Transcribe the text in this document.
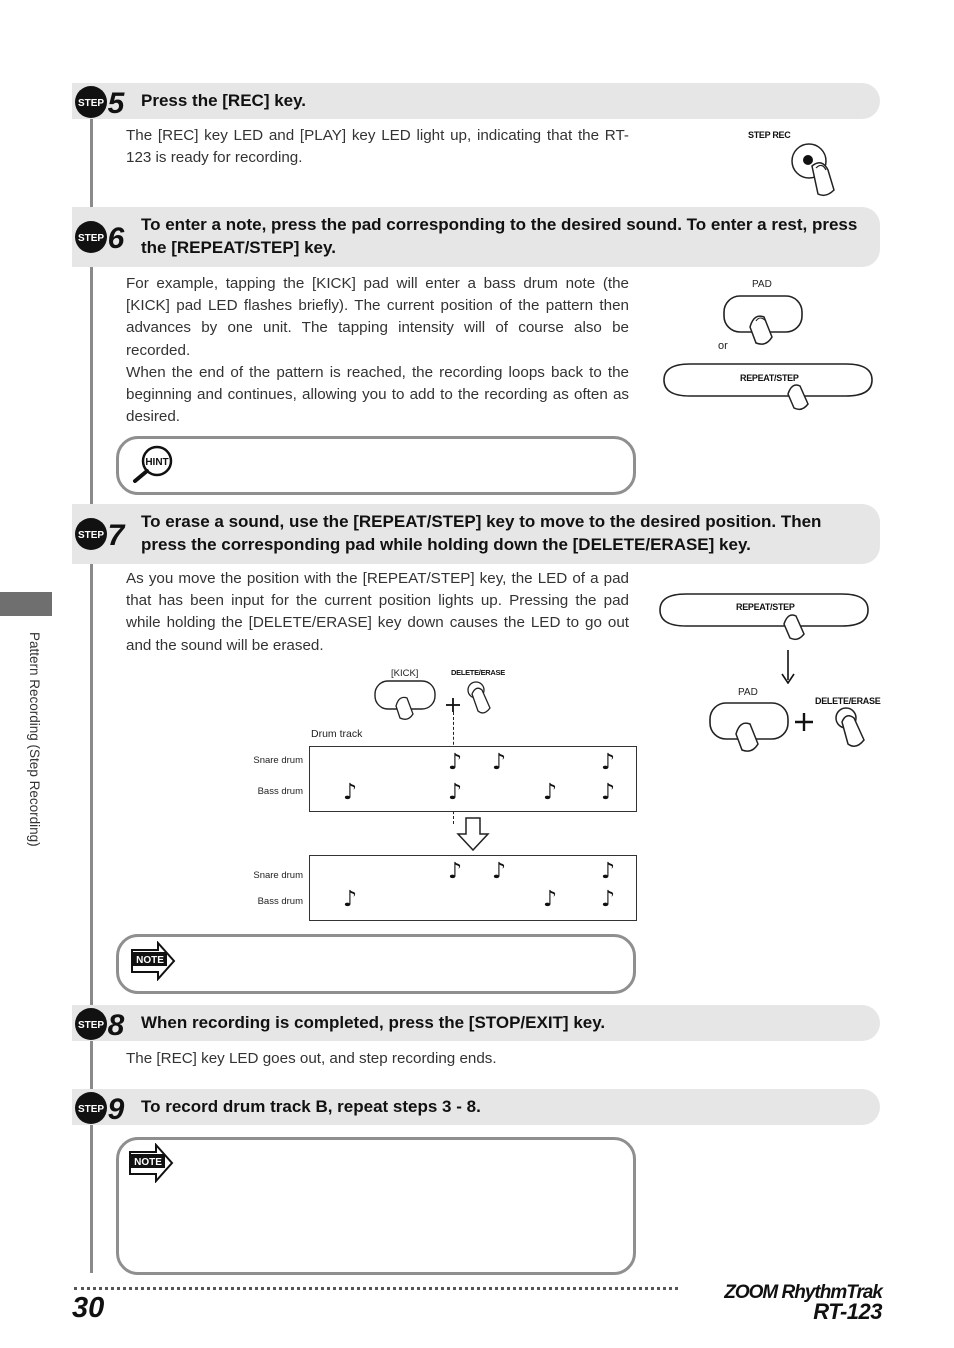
Pattern Recording (Step Recording)
STEP 5 Press the [REC] key.
The [REC] key LED and [PLAY] key LED light up, indicating that the RT-123 is ready for recording.
STEP REC
STEP 6 To enter a note, press the pad corresponding to the desired sound. To enter a rest, press the [REPEAT/STEP] key.
For example, tapping the [KICK] pad will enter a bass drum note (the [KICK] pad LED flashes briefly). The current position of the pattern then advances by one unit. The tapping intensity will of course also be recorded.
When the end of the pattern is reached, the recording loops back to the beginning and continues, allowing you to add to the recording as often as desired.
PAD
or
REPEAT/STEP
HINT
STEP 7 To erase a sound, use the [REPEAT/STEP] key to move to the desired position. Then press the corresponding pad while holding down the [DELETE/ERASE] key.
As you move the position with the [REPEAT/STEP] key, the LED of a pad that has been input for the current position lights up. Pressing the pad while holding the [DELETE/ERASE] key down causes the LED to go out and the sound will be erased.
REPEAT/STEP
PAD
DELETE/ERASE
[KICK]	DELETE/ERASE
Drum track
Snare drum
Bass drum
♪ ♪	♪
♪	♪	♪ ♪
Snare drum
Bass drum
♪ ♪	♪
♪	♪ ♪
NOTE
STEP 8 When recording is completed, press the [STOP/EXIT] key.
The [REC] key LED goes out, and step recording ends.
STEP 9 To record drum track B, repeat steps 3 - 8.
NOTE
30	ZOOM RhythmTrak
RT-123
